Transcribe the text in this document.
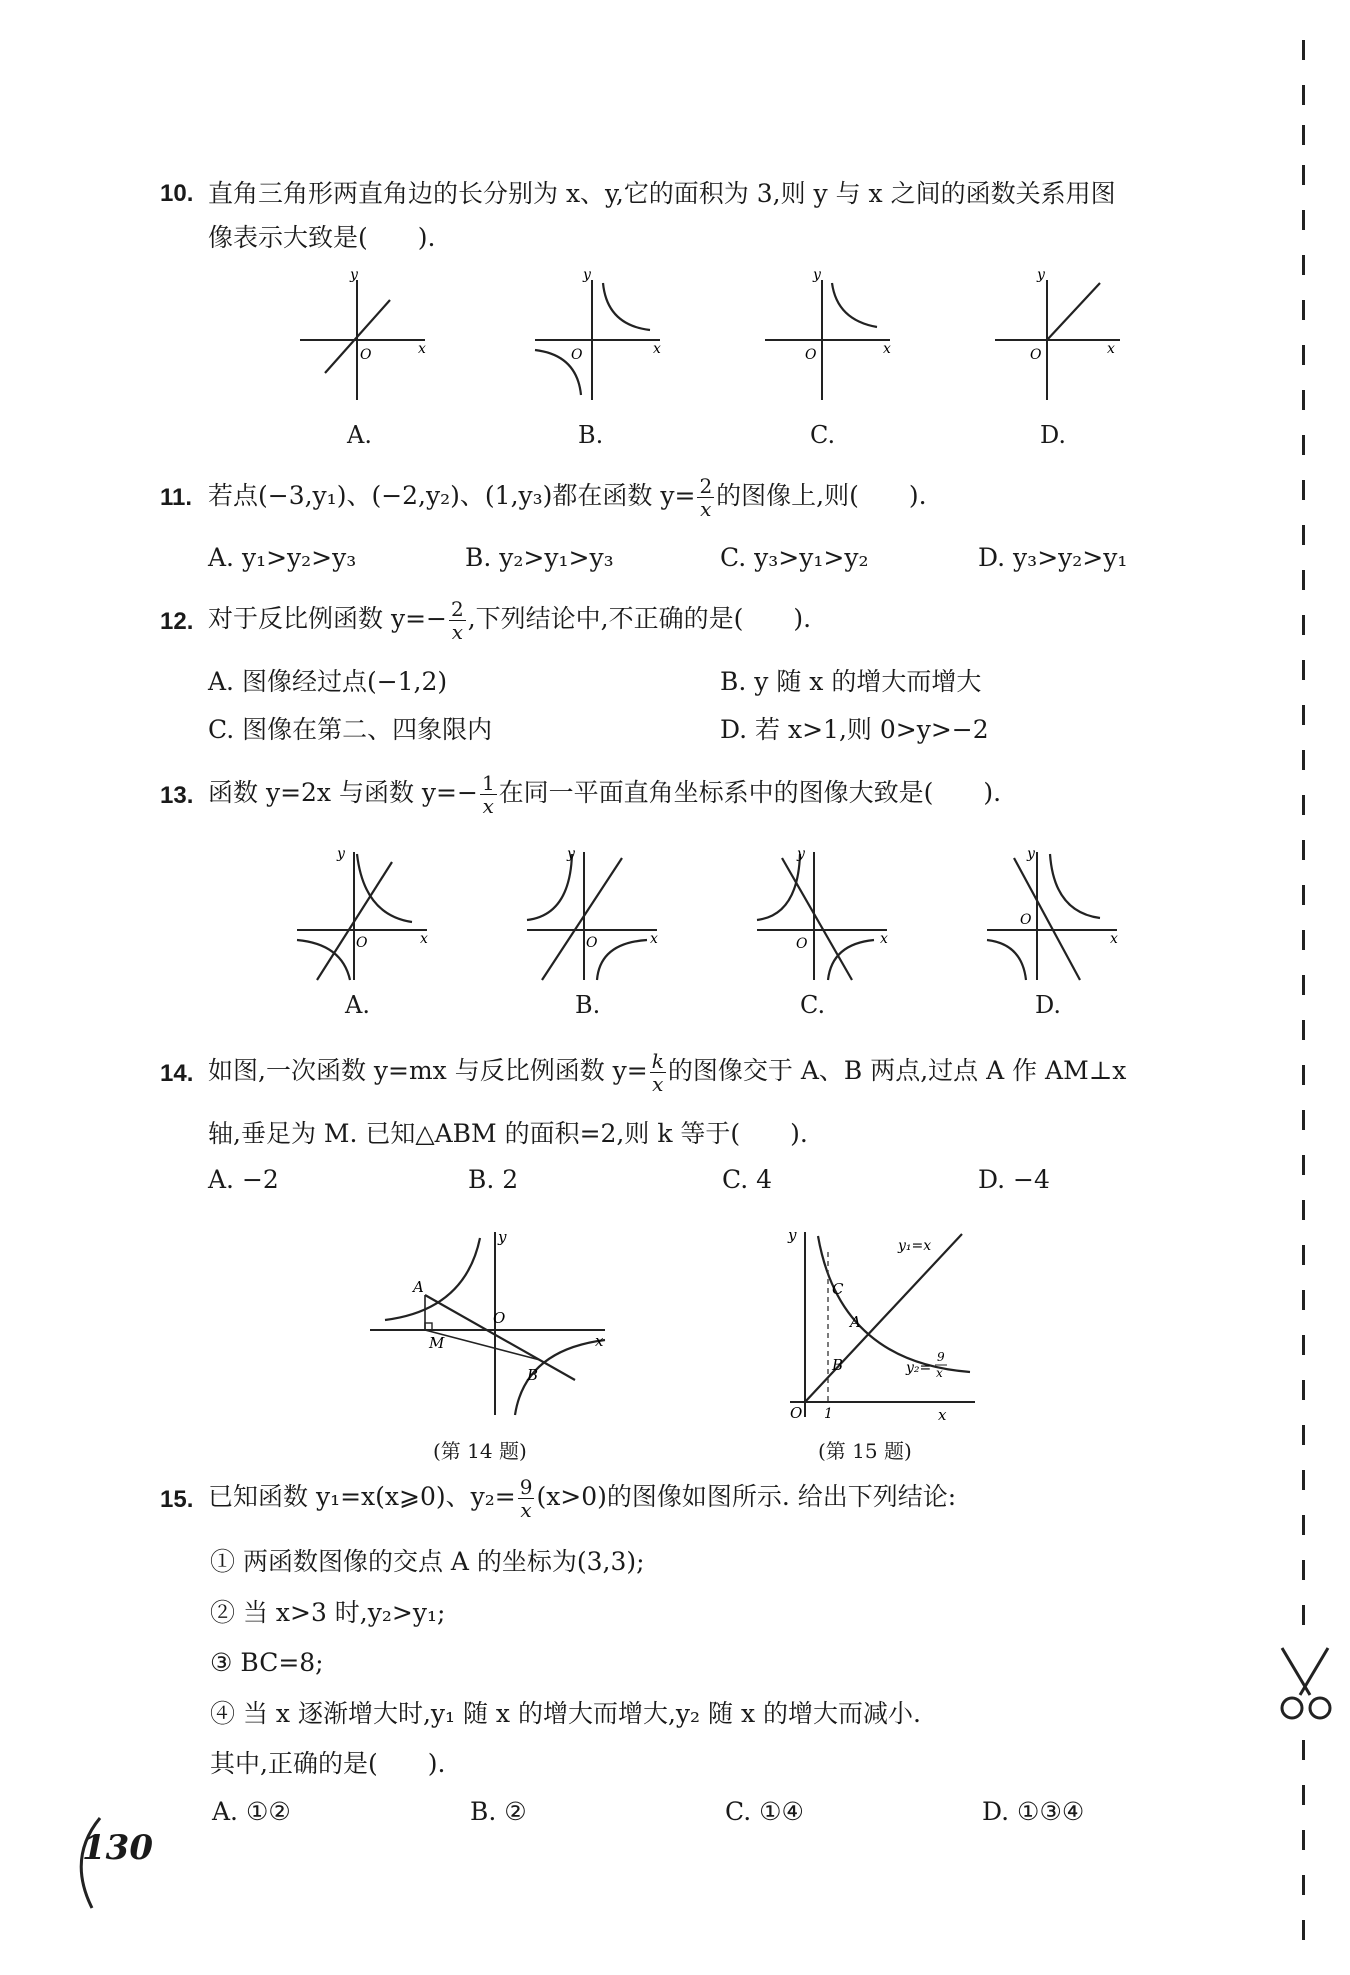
10. 直角三角形两直角边的长分别为 x、y,它的面积为 3,则 y 与 x 之间的函数关系用图
像表示大致是(　　).
y
x
O
y
x
O
y
x
O
y
x
O
A.	B.	C.	D.
11. 若点(−3,y₁)、(−2,y₂)、(1,y₃)都在函数 $y= \frac{2}{x}$ 的图像上,则(　　).
A. y₁>y₂>y₃	B. y₂>y₁>y₃	C. y₃>y₁>y₂	D. y₃>y₂>y₁
12. 对于反比例函数 $y=- \frac{2}{x}$ ,下列结论中,不正确的是(　　).
A. 图像经过点(−1,2)	B. y 随 x 的增大而增大
C. 图像在第二、四象限内	D. 若 x>1,则 0>y>−2
13. 函数 y=2x 与函数 $y=- \frac{1}{x}$ 在同一平面直角坐标系中的图像大致是(　　).
y
x
O
y
x
O
y
x
O
y
x
O
A.	B.	C.	D.
14. 如图,一次函数 y=mx 与反比例函数 $y= \frac{k}{x}$ 的图像交于 A、B 两点,过点 A 作 AM⊥x
轴,垂足为 M. 已知△ABM 的面积=2,则 k 等于(　　).
A. −2	B. 2	C. 4	D. −4
y
x
O
A
B
M
(第 14 题)
y
O 1	x
C
A
B
y₁=x
y₂=
9
x
(第 15 题)
15. 已知函数 y₁=x(x⩾0)、$y_2= \frac{9}{x} (x>0)$的图像如图所示. 给出下列结论:
① 两函数图像的交点 A 的坐标为(3,3);
② 当 x>3 时,y₂>y₁;
③ BC=8;
④ 当 x 逐渐增大时,y₁ 随 x 的增大而增大,y₂ 随 x 的增大而减小.
其中,正确的是(　　).
A. ①②	B. ②	C. ①④	D. ①③④
130
